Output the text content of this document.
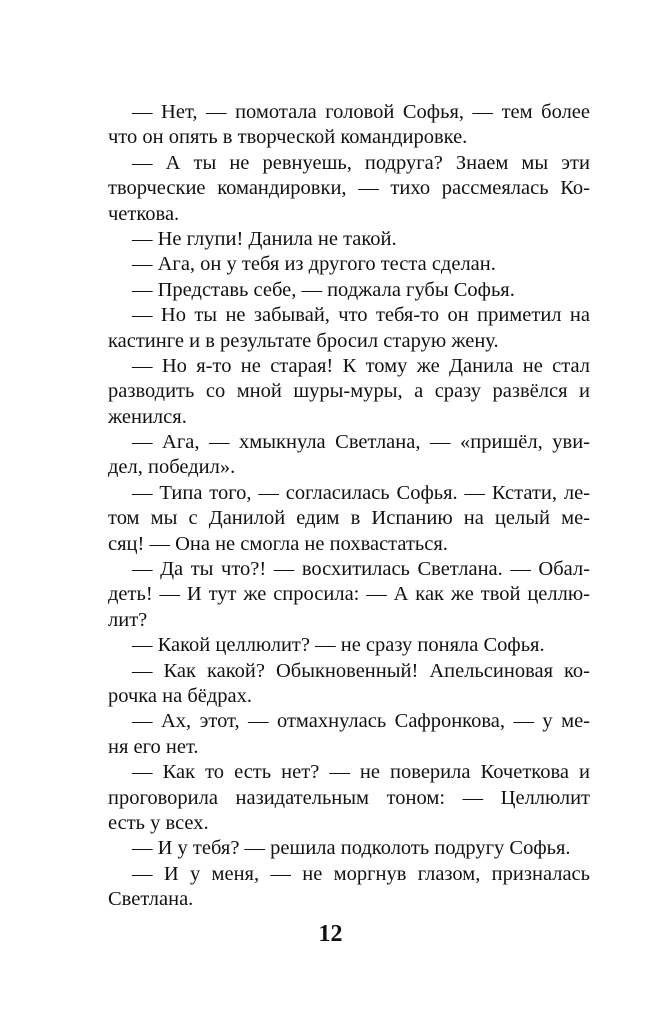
— Нет, — помотала головой Софья, — тем более
что он опять в творческой командировке.
— А ты не ревнуешь, подруга? Знаем мы эти
творческие командировки, — тихо рассмеялась Ко-
четкова.
— Не глупи! Данила не такой.
— Ага, он у тебя из другого теста сделан.
— Представь себе, — поджала губы Софья.
— Но ты не забывай, что тебя-то он приметил на
кастинге и в результате бросил старую жену.
— Но я-то не старая! К тому же Данила не стал
разводить со мной шуры-муры, а сразу развёлся и
женился.
— Ага, — хмыкнула Светлана, — «пришёл, уви-
дел, победил».
— Типа того, — согласилась Софья. — Кстати, ле-
том мы с Данилой едим в Испанию на целый ме-
сяц! — Она не смогла не похвастаться.
— Да ты что?! — восхитилась Светлана. — Обал-
деть! — И тут же спросила: — А как же твой целлю-
лит?
— Какой целлюлит? — не сразу поняла Софья.
— Как какой? Обыкновенный! Апельсиновая ко-
рочка на бёдрах.
— Ах, этот, — отмахнулась Сафронкова, — у ме-
ня его нет.
— Как то есть нет? — не поверила Кочеткова и
проговорила назидательным тоном: — Целлюлит
есть у всех.
— И у тебя? — решила подколоть подругу Софья.
— И у меня, — не моргнув глазом, призналась
Светлана.
12
